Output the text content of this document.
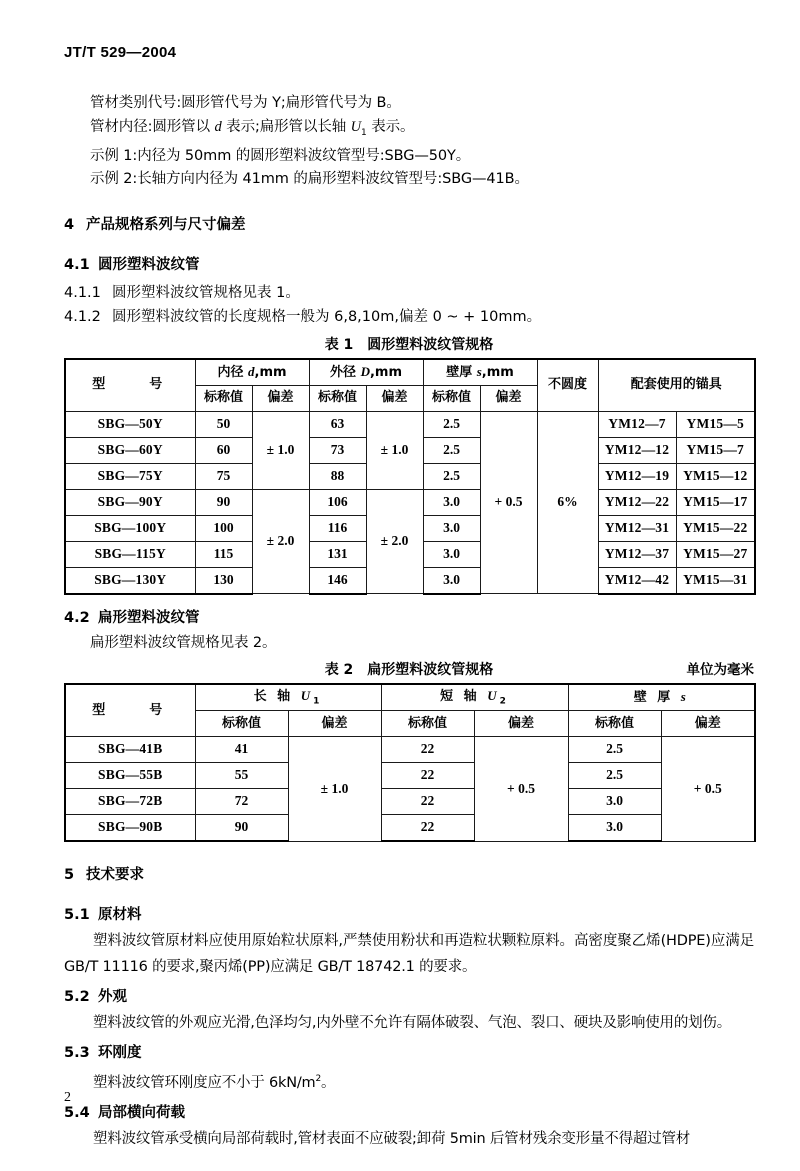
JT/T 529—2004

管材类别代号:圆形管代号为 Y;扁形管代号为 B。

管材内径:圆形管以 d 表示;扁形管以长轴 $U_1$ 表示。

示例 1:内径为 50mm 的圆形塑料波纹管型号:SBG—50Y。

示例 2:长轴方向内径为 41mm 的扁形塑料波纹管型号:SBG—41B。

4 产品规格系列与尺寸偏差

4.1 圆形塑料波纹管

4.1.1 圆形塑料波纹管规格见表 1。

4.1.2 圆形塑料波纹管的长度规格一般为 6,8,10m,偏差 0 ~ + 10mm。

表 1　圆形塑料波纹管规格

型　　号	内径 d,mm		外径 D,mm		壁厚 s,mm		不圆度	配套使用的锚具	
	标称值	偏差	标称值	偏差	标称值	偏差			
SBG—50Y	50	± 1.0	63	± 1.0	2.5	+ 0.5	6%	YM12—7	YM15—5
SBG—60Y	60		73		2.5			YM12—12	YM15—7
SBG—75Y	75		88		2.5			YM12—19	YM15—12
SBG—90Y	90	± 2.0	106	± 2.0	3.0			YM12—22	YM15—17
SBG—100Y	100		116		3.0			YM12—31	YM15—22
SBG—115Y	115		131		3.0			YM12—37	YM15—27
SBG—130Y	130		146		3.0			YM12—42	YM15—31

4.2 扁形塑料波纹管

扁形塑料波纹管规格见表 2。

表 2　扁形塑料波纹管规格	单位为毫米

型　　号	长 轴 $U_1$		短 轴 $U_2$		壁 厚 s	
	标称值	偏差	标称值	偏差	标称值	偏差
SBG—41B	41	± 1.0	22	+ 0.5	2.5	+ 0.5
SBG—55B	55		22		2.5	
SBG—72B	72		22		3.0	
SBG—90B	90		22		3.0	

5 技术要求

5.1 原材料

塑料波纹管原材料应使用原始粒状原料,严禁使用粉状和再造粒状颗粒原料。高密度聚乙烯(HDPE)应满足 GB/T 11116 的要求,聚丙烯(PP)应满足 GB/T 18742.1 的要求。

5.2 外观

塑料波纹管的外观应光滑,色泽均匀,内外壁不允许有隔体破裂、气泡、裂口、硬块及影响使用的划伤。

5.3 环刚度

塑料波纹管环刚度应不小于 $6kN/m^2$。

5.4 局部横向荷载

塑料波纹管承受横向局部荷载时,管材表面不应破裂;卸荷 5min 后管材残余变形量不得超过管材

2
